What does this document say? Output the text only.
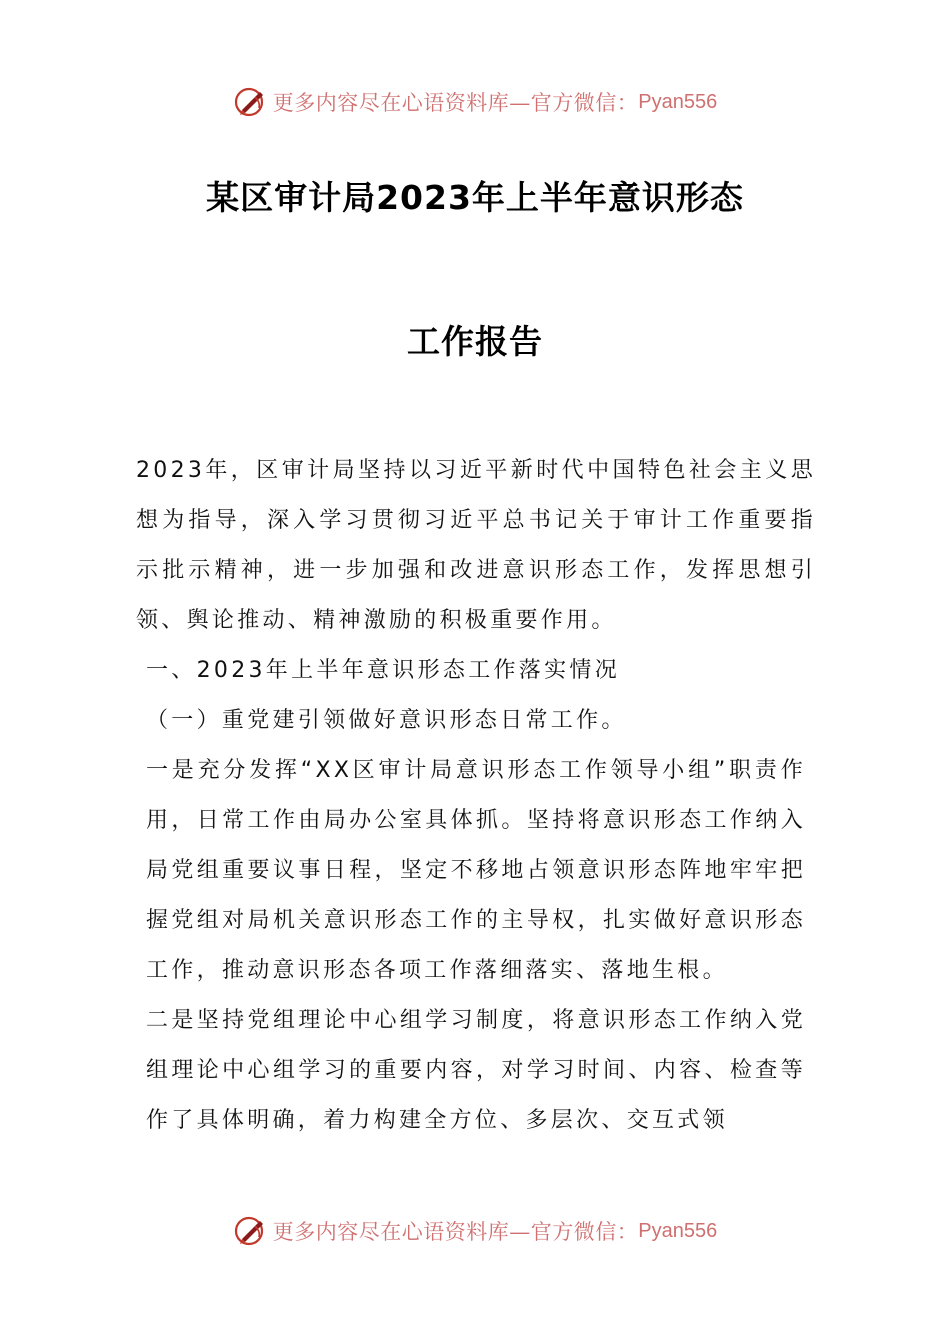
更多内容尽在心语资料库—官方微信： Pyan556
某区审计局2023年上半年意识形态
工作报告

2023年，区审计局坚持以习近平新时代中国特色社会主义思想为指导，深入学习贯彻习近平总书记关于审计工作重要指示批示精神，进一步加强和改进意识形态工作，发挥思想引领、舆论推动、精神激励的积极重要作用。

一、2023年上半年意识形态工作落实情况

（一）重党建引领做好意识形态日常工作。

一是充分发挥“XX区审计局意识形态工作领导小组”职责作用，日常工作由局办公室具体抓。坚持将意识形态工作纳入局党组重要议事日程，坚定不移地占领意识形态阵地牢牢把握党组对局机关意识形态工作的主导权，扎实做好意识形态工作，推动意识形态各项工作落细落实、落地生根。

二是坚持党组理论中心组学习制度，将意识形态工作纳入党组理论中心组学习的重要内容，对学习时间、内容、检查等作了具体明确，着力构建全方位、多层次、交互式领

更多内容尽在心语资料库—官方微信： Pyan556
